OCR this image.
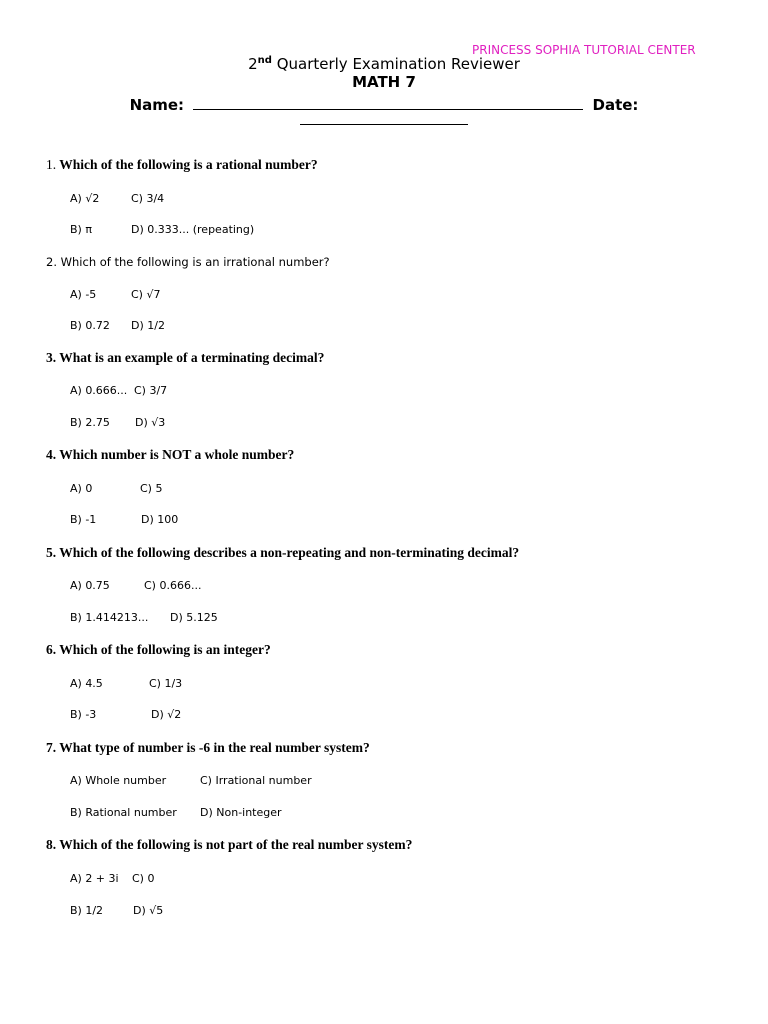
PRINCESS SOPHIA TUTORIAL CENTER
2nd Quarterly Examination Reviewer
MATH 7
Name:	Date:
1. Which of the following is a rational number?
A) √2	C) 3/4
B) π	D) 0.333... (repeating)
2. Which of the following is an irrational number?
A) -5	C) √7
B) 0.72 D) 1/2
3. What is an example of a terminating decimal?
A) 0.666... C) 3/7
B) 2.75 D) √3
4. Which number is NOT a whole number?
A) 0	C) 5
B) -1	D) 100
5. Which of the following describes a non-repeating and non-terminating decimal?
A) 0.75	C) 0.666...
B) 1.414213... D) 5.125
6. Which of the following is an integer?
A) 4.5	C) 1/3
B) -3	D) √2
7. What type of number is -6 in the real number system?
A) Whole number	C) Irrational number
B) Rational number D) Non-integer
8. Which of the following is not part of the real number system?
A) 2 + 3i C) 0
B) 1/2	D) √5
